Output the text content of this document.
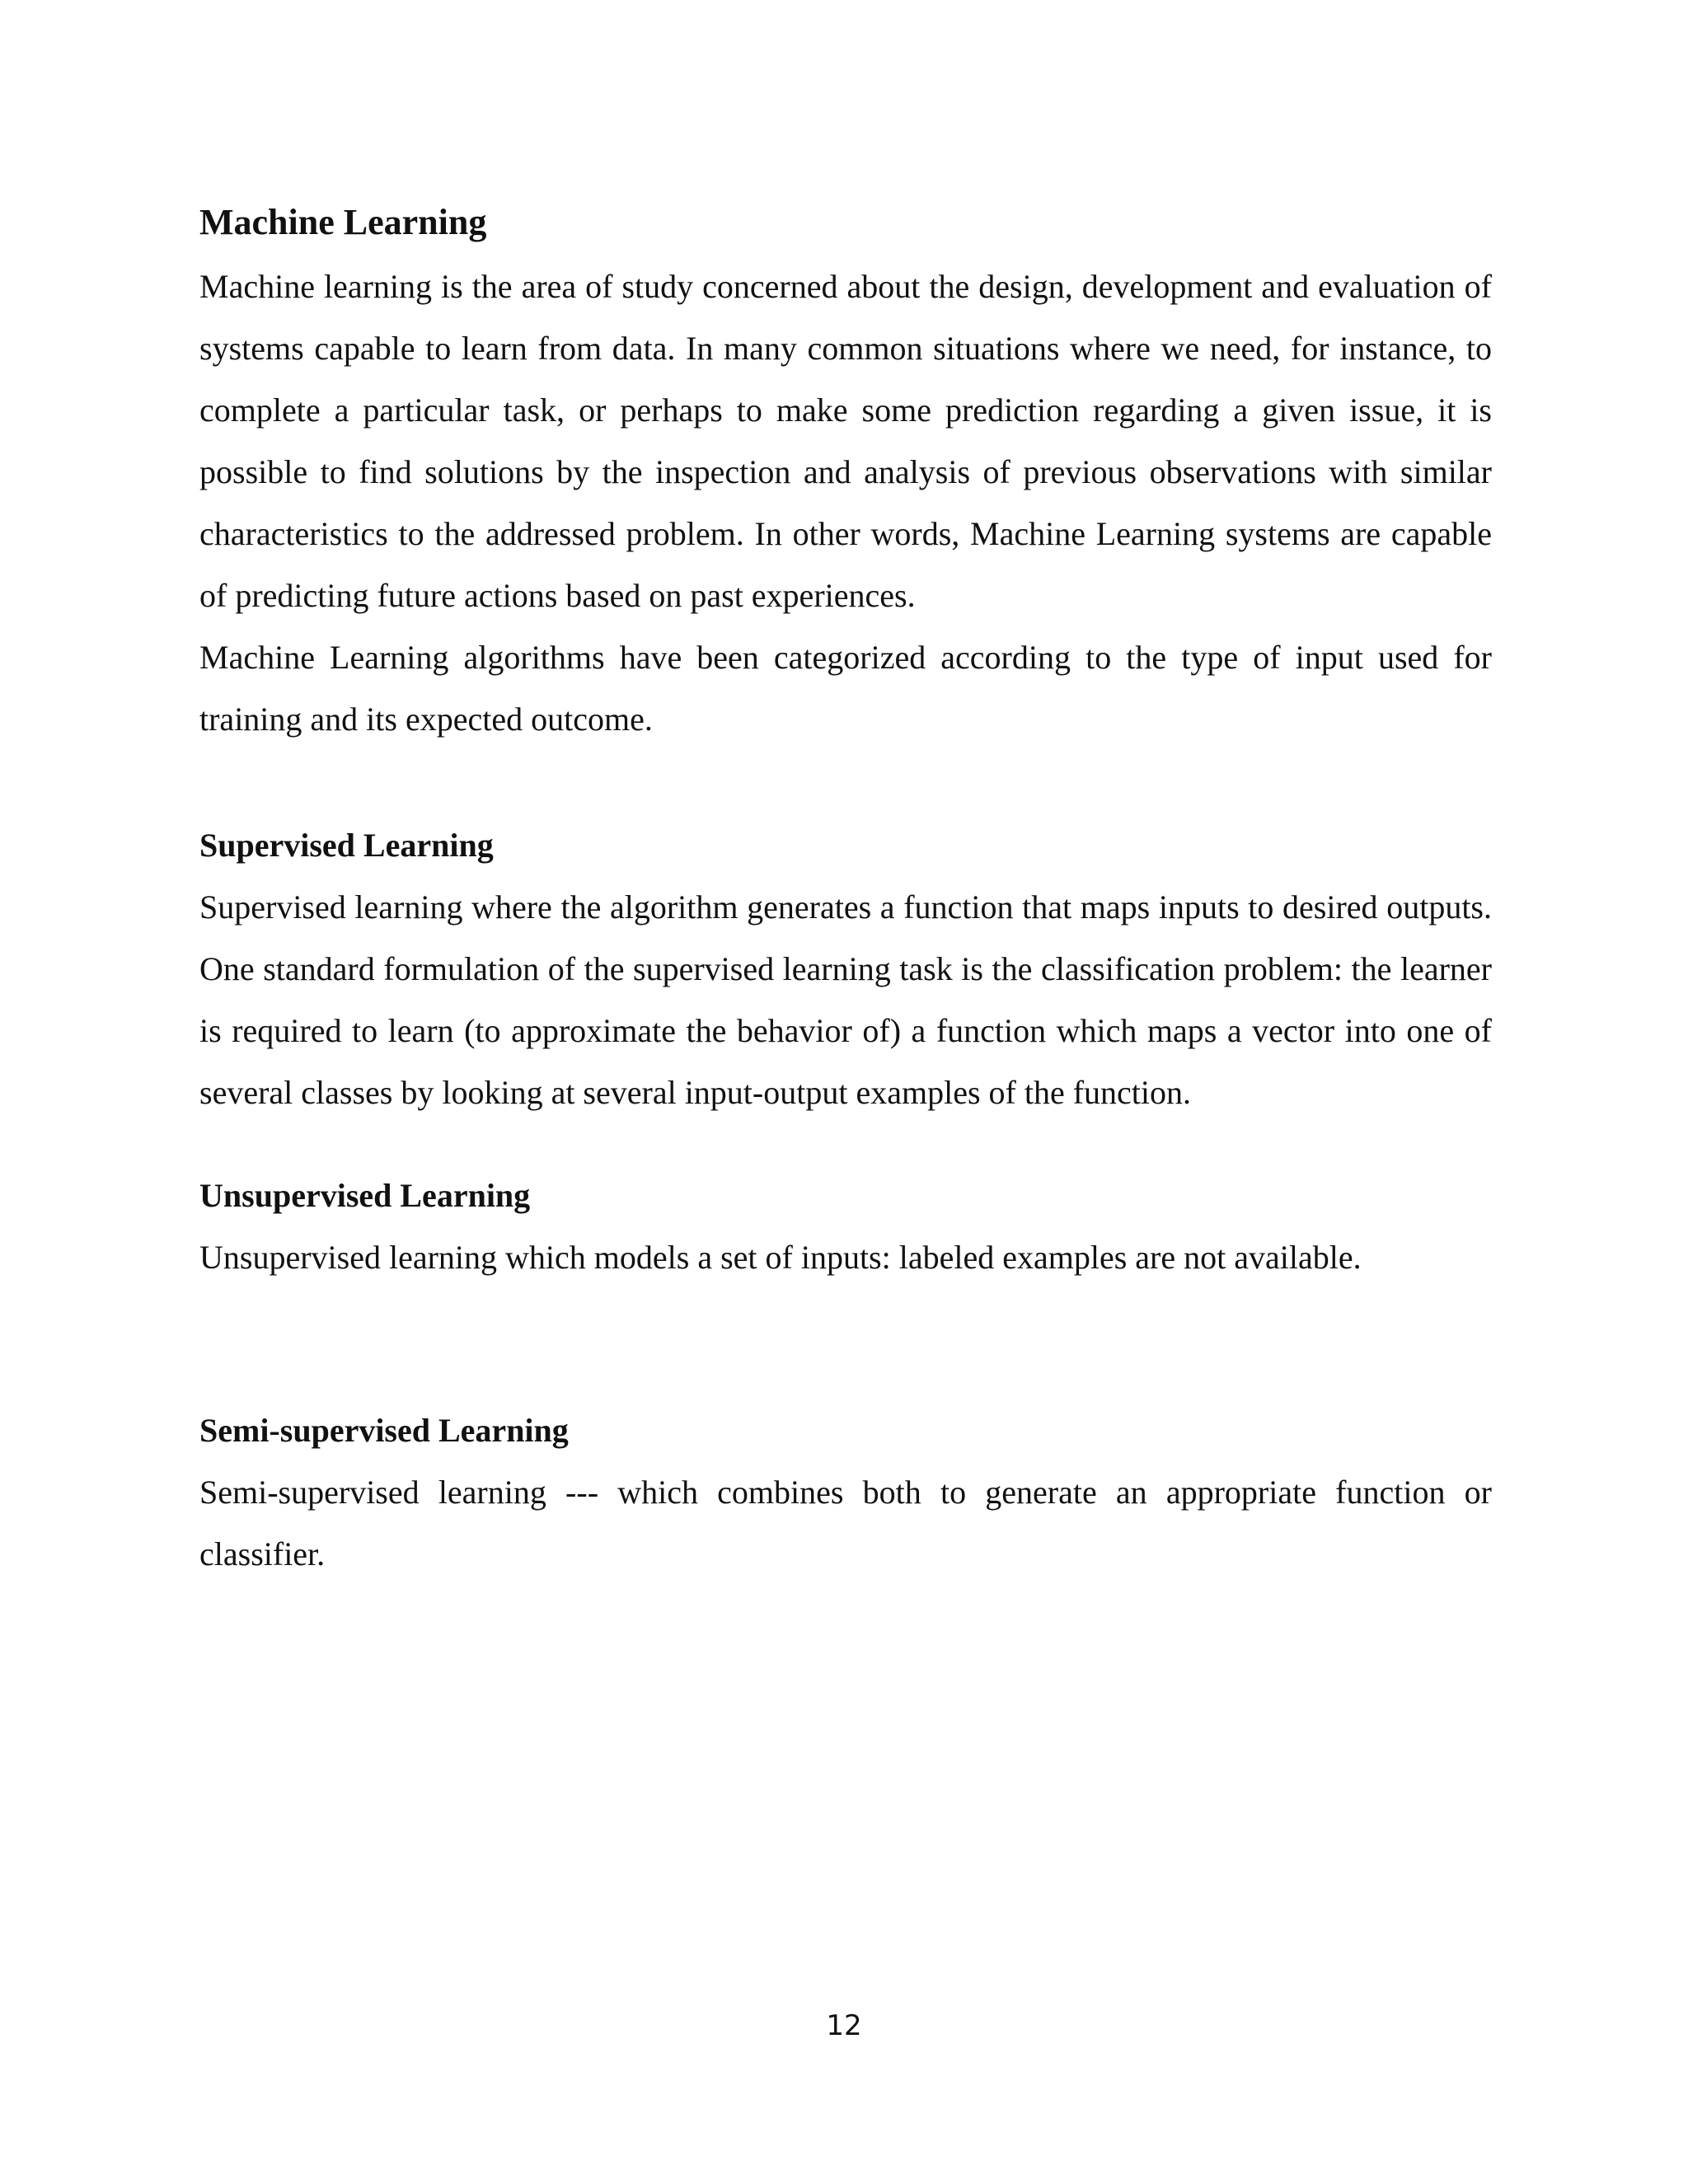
Machine Learning

Machine learning is the area of study concerned about the design, development and evaluation of systems capable to learn from data. In many common situations where we need, for instance, to complete a particular task, or perhaps to make some prediction regarding a given issue, it is possible to find solutions by the inspection and analysis of previous observations with similar characteristics to the addressed problem. In other words, Machine Learning systems are capable of predicting future actions based on past experiences.

Machine Learning algorithms have been categorized according to the type of input used for training and its expected outcome.

Supervised Learning

Supervised learning where the algorithm generates a function that maps inputs to desired outputs. One standard formulation of the supervised learning task is the classification problem: the learner is required to learn (to approximate the behavior of) a function which maps a vector into one of several classes by looking at several input-output examples of the function.

Unsupervised Learning

Unsupervised learning which models a set of inputs: labeled examples are not available.

Semi-supervised Learning

Semi-supervised learning --- which combines both to generate an appropriate function or classifier.

12
